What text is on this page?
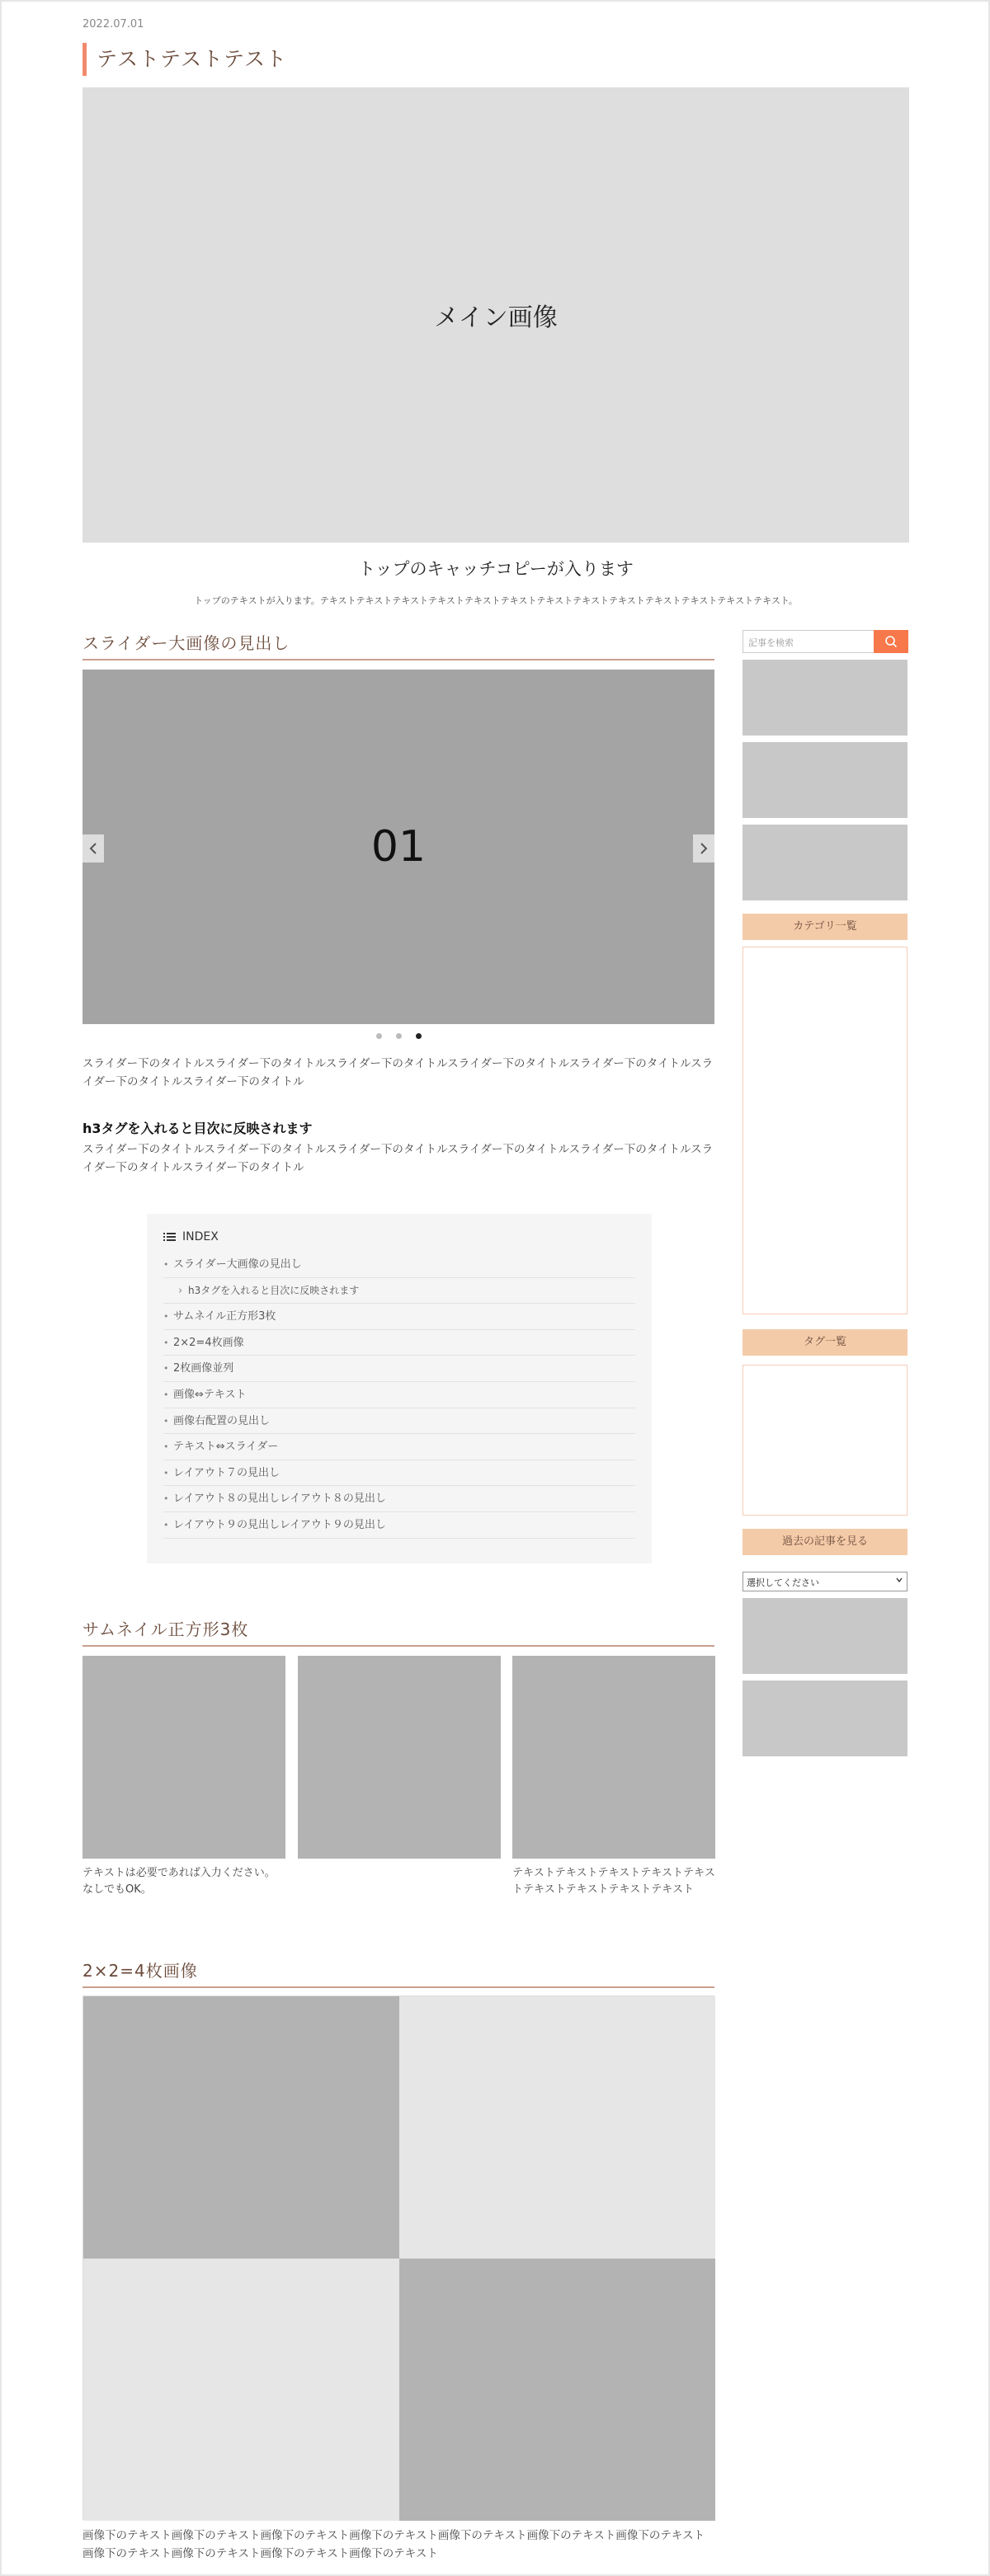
2022.07.01
テストテストテスト
メイン画像
トップのキャッチコピーが入ります
トップのテキストが入ります。テキストテキストテキストテキストテキストテキストテキストテキストテキストテキストテキストテキストテキスト。
スライダー大画像の見出し
01
スライダー下のタイトルスライダー下のタイトルスライダー下のタイトルスライダー下のタイトルスライダー下のタイトルスライダー下のタイトルスライダー下のタイトル
h3タグを入れると目次に反映されます
スライダー下のタイトルスライダー下のタイトルスライダー下のタイトルスライダー下のタイトルスライダー下のタイトルスライダー下のタイトルスライダー下のタイトル
INDEX
• スライダー大画像の見出し
› h3タグを入れると目次に反映されます
• サムネイル正方形3枚
• 2×2=4枚画像
• 2枚画像並列
• 画像⇔テキスト
• 画像右配置の見出し
• テキスト⇔スライダー
• レイアウト７の見出し
• レイアウト８の見出しレイアウト８の見出し
• レイアウト９の見出しレイアウト９の見出し
サムネイル正方形3枚
テキストは必要であれば入力ください。なしでもOK。
テキストテキストテキストテキストテキストテキストテキストテキストテキスト
2×2=4枚画像
画像下のテキスト画像下のテキスト画像下のテキスト画像下のテキスト画像下のテキスト画像下のテキスト画像下のテキスト画像下のテキスト画像下のテキスト画像下のテキスト画像下のテキスト
記事を検索
カテゴリ一覧
タグ一覧
過去の記事を見る
選択してください
